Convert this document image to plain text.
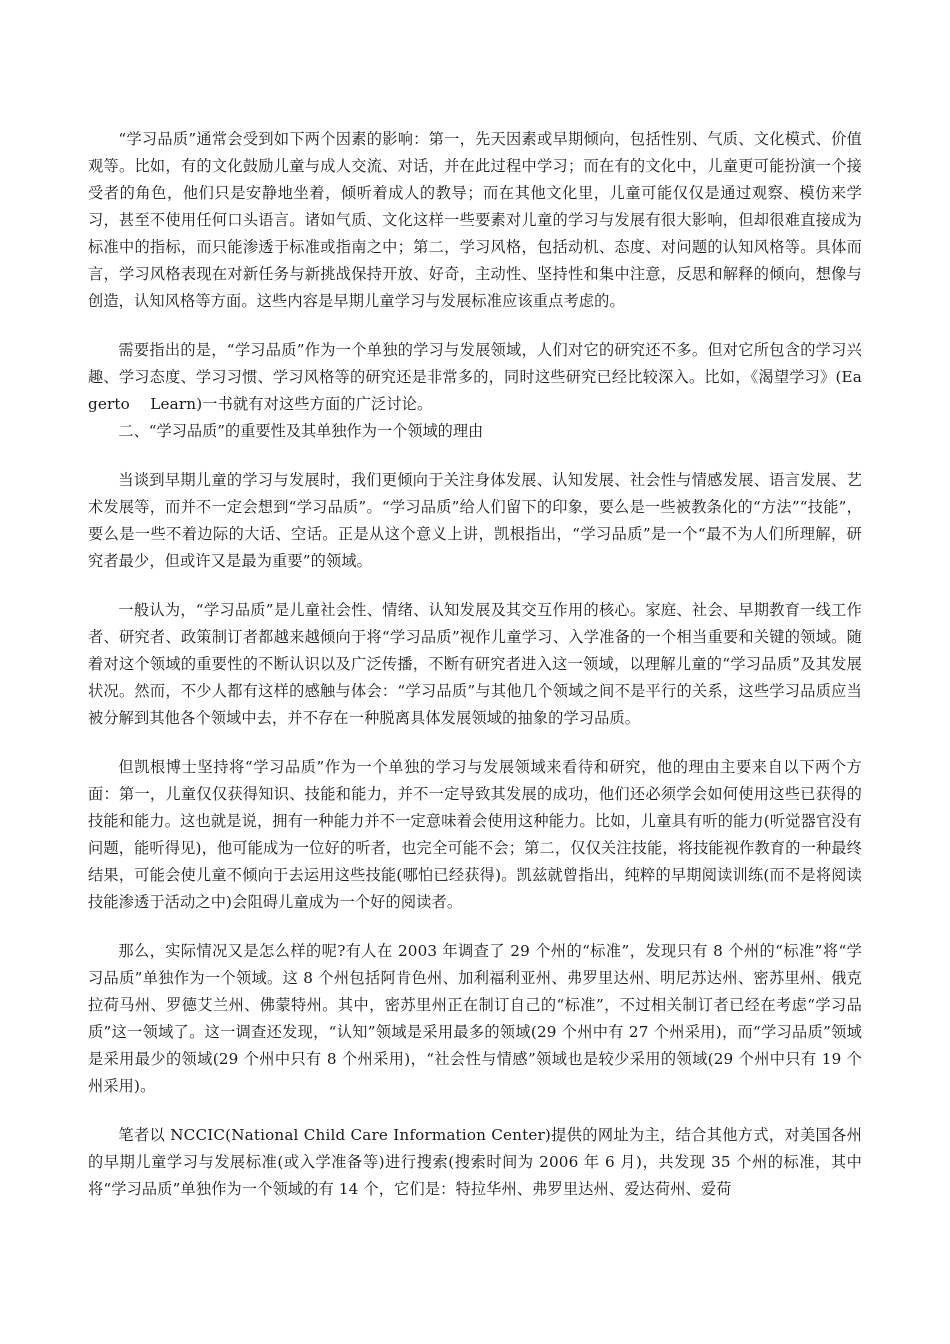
“学习品质”通常会受到如下两个因素的影响：第一，先天因素或早期倾向，包括性别、气质、文化模式、价值观等。比如，有的文化鼓励儿童与成人交流、对话，并在此过程中学习；而在有的文化中，儿童更可能扮演一个接受者的角色，他们只是安静地坐着，倾听着成人的教导；而在其他文化里，儿童可能仅仅是通过观察、模仿来学习，甚至不使用任何口头语言。诸如气质、文化这样一些要素对儿童的学习与发展有很大影响，但却很难直接成为标准中的指标，而只能渗透于标准或指南之中；第二，学习风格，包括动机、态度、对问题的认知风格等。具体而言，学习风格表现在对新任务与新挑战保持开放、好奇，主动性、坚持性和集中注意，反思和解释的倾向，想像与创造，认知风格等方面。这些内容是早期儿童学习与发展标准应该重点考虑的。

需要指出的是，“学习品质”作为一个单独的学习与发展领域，人们对它的研究还不多。但对它所包含的学习兴趣、学习态度、学习习惯、学习风格等的研究还是非常多的，同时这些研究已经比较深入。比如，《渴望学习》(Eagerto　 Learn)一书就有对这些方面的广泛讨论。

二、“学习品质”的重要性及其单独作为一个领域的理由

当谈到早期儿童的学习与发展时，我们更倾向于关注身体发展、认知发展、社会性与情感发展、语言发展、艺术发展等，而并不一定会想到“学习品质”。“学习品质”给人们留下的印象，要么是一些被教条化的“方法”“技能”，要么是一些不着边际的大话、空话。正是从这个意义上讲，凯根指出，“学习品质”是一个“最不为人们所理解，研究者最少，但或许又是最为重要”的领域。

一般认为，“学习品质”是儿童社会性、情绪、认知发展及其交互作用的核心。家庭、社会、早期教育一线工作者、研究者、政策制订者都越来越倾向于将“学习品质”视作儿童学习、入学准备的一个相当重要和关键的领域。随着对这个领域的重要性的不断认识以及广泛传播，不断有研究者进入这一领域，以理解儿童的“学习品质”及其发展状况。然而，不少人都有这样的感触与体会：“学习品质”与其他几个领域之间不是平行的关系，这些学习品质应当被分解到其他各个领域中去，并不存在一种脱离具体发展领域的抽象的学习品质。

但凯根博士坚持将“学习品质”作为一个单独的学习与发展领域来看待和研究，他的理由主要来自以下两个方面：第一，儿童仅仅获得知识、技能和能力，并不一定导致其发展的成功，他们还必须学会如何使用这些已获得的技能和能力。这也就是说，拥有一种能力并不一定意味着会使用这种能力。比如，儿童具有听的能力(听觉器官没有问题，能听得见)，他可能成为一位好的听者，也完全可能不会；第二，仅仅关注技能，将技能视作教育的一种最终结果，可能会使儿童不倾向于去运用这些技能(哪怕已经获得)。凯兹就曾指出，纯粹的早期阅读训练(而不是将阅读技能渗透于活动之中)会阻碍儿童成为一个好的阅读者。

那么，实际情况又是怎么样的呢?有人在 2003 年调查了 29 个州的“标准”，发现只有 8 个州的“标准”将“学习品质”单独作为一个领域。这 8 个州包括阿肯色州、加利福利亚州、弗罗里达州、明尼苏达州、密苏里州、俄克拉荷马州、罗德艾兰州、佛蒙特州。其中，密苏里州正在制订自己的“标准”，不过相关制订者已经在考虑“学习品质”这一领域了。这一调查还发现，“认知”领域是采用最多的领域(29 个州中有 27 个州采用)，而“学习品质”领域是采用最少的领域(29 个州中只有 8 个州采用)，“社会性与情感”领域也是较少采用的领域(29 个州中只有 19 个州采用)。

笔者以 NCCIC(National Child Care Information Center)提供的网址为主，结合其他方式，对美国各州的早期儿童学习与发展标准(或入学准备等)进行搜索(搜索时间为 2006 年 6 月)，共发现 35 个州的标准，其中将“学习品质”单独作为一个领域的有 14 个，它们是：特拉华州、弗罗里达州、爱达荷州、爱荷
